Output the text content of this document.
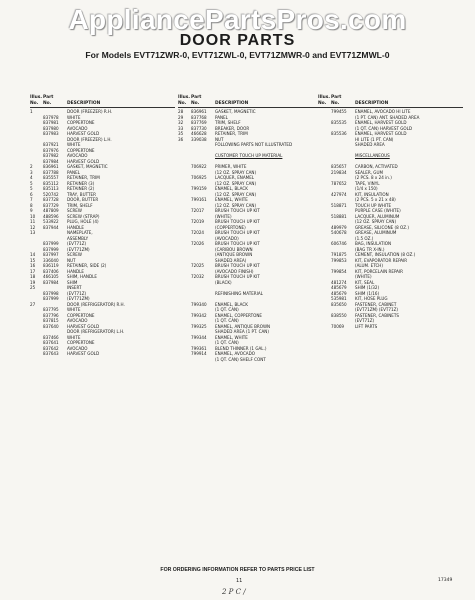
AppliancePartsPros.com
DOOR PARTS
For Models EVT71ZWR-0, EVT71ZWL-0, EVT71ZMWR-0 and EVT71ZMWL-0
Illus.Part
No. No.	DESCRIPTION
1	DOOR (FREEZER) R.H.
837978	WHITE
837981	COPPERTONE
837980	AVOCADO
837983	HARVEST GOLD
DOOR (FREEZER) L.H.
837921	WHITE
837976	COPPERTONE
837982	AVOCADO
837984	HARVEST GOLD
2	836961	GASKET, MAGNETIC
3	837788	PANEL
4	835557	RETAINER, TRIM
5	835112	RETAINER (3)
5	835113	RETAINER (2)
6	520742	TRAY, BUTTER
7	837728	DOOR, BUTTER
8	837729	TRIM, SHELF
9	487809	SCREW
10	488596	SCREW (STRAP)
11	533922	PLUG, HOLE (4)
12	837944	HANDLE
13	NAMEPLATE,
ASSEMBLY
837999	(EVT71Z)
837999	(EVT71ZM)
14	837997	SCREW
15	336040	NUT
16	836119	RETAINER, SIDE (2)
17	837406	HANDLE
18	466105	SHIM, HANDLE
19	837984	SHIM
25	INSERT
837998	(EVT71Z)
837999	(EVT71ZM)
27	DOOR (REFRIGERATOR) R.H.
837795	WHITE
837796	COPPERTONE
837815	AVOCADO
837640	HARVEST GOLD
DOOR (REFRIGERATOR) L.H.
837466	WHITE
837641	COPPERTONE
837642	AVOCADO
837643	HARVEST GOLD
Illus.Part
No. No.	DESCRIPTION
28	836961	GASKET, MAGNETIC
29	837768	PANEL
32	837769	TRIM, SHELF
33	837730	BREAKER, DOOR
35	466628	RETAINER, TRIM
36	339038	NUT
FOLLOWING PARTS NOT ILLUSTRATED
CUSTOMER TOUCH UP MATERIAL
706922	PRIMER, WHITE
(12 OZ. SPRAY CAN)
706925	LACQUER, ENAMEL
(12 OZ. SPRAY CAN)
799159	ENAMEL, BLACK
(12 OZ. SPRAY CAN)
799161	ENAMEL, WHITE
(12 OZ. SPRAY CAN)
72017	BRUSH TOUCH UP KIT
(WHITE)
72019	BRUSH TOUCH UP KIT
(COPPERTONE)
72024	BRUSH TOUCH UP KIT
(AVOCADO)
72026	BRUSH TOUCH UP KIT
(CARIBOU BROWN
(ANTIQUE BROWN
SHADED AREA)
72025	BRUSH TOUCH UP KIT
(AVOCADO FINISH)
72032	BRUSH TOUCH UP KIT
(BLACK)
REFINISHING MATERIAL
799340	ENAMEL, BLACK
(1 QT. CAN)
799342	ENAMEL, COPPERTONE
(1 QT. CAN)
799325	ENAMEL, ANTIQUE BROWN
SHADED AREA (1 PT. CAN)
799344	ENAMEL, WHITE
(1 QT. CAN)
799361	BLEND THINNER (1 GAL.)
799914	ENAMEL, AVOCADO
(1 QT. CAN) SHELF CONT
Illus.Part
No. No.	DESCRIPTION
799455	ENAMEL, AVOCADO HI LITE
(1 PT. CAN) ANT. SHADED AREA
835535	ENAMEL, HARVEST GOLD
(1 QT. CAN) HARVEST GOLD
835536	ENAMEL, HARVEST GOLD
HI LITE (1 PT. CAN)
SHADED AREA
MISCELLANEOUS
835657	CARBON, ACTIVATED
219834	SEALER, GUM
(2 PCS. 8 x 24 in.)
787652	TAPE, VINYL
(1/4 x 150)
427974	KIT, INSULATION
(2 PCS. 5 x 21 x 48)
518871	TOUCH UP WHITE
PURPLE CASE (WHITE)
518881	LACQUER, ALUMINUM
(12 OZ. SPRAY CAN)
489979	GREASE, SILICONE (8 OZ.)
540678	GREASE, ALUMINUM
(1.5 OZ.)
606746	BAG, INSULATION
(BAG TR X-IN.)
791875	CEMENT, INSULATION (8 OZ.)
799853	KIT, EVAPORATOR REPAIR
(ALUM. ETCH)
799854	KIT, PORCELAIN REPAIR
(WHITE)
481274	KIT, SEAL
485679	SHIM (1/32)
485679	SHIM (1/16)
535981	KIT, HOSE PLUG
835650	FASTENER, CABINET
(EVT71ZM) (EVT71Z)
838550	FASTENER, CABINETS
(EVT71Z)
70069	LIFT PARTS
FOR ORDERING INFORMATION REFER TO PARTS PRICE LIST
11	17349
2 P C /
